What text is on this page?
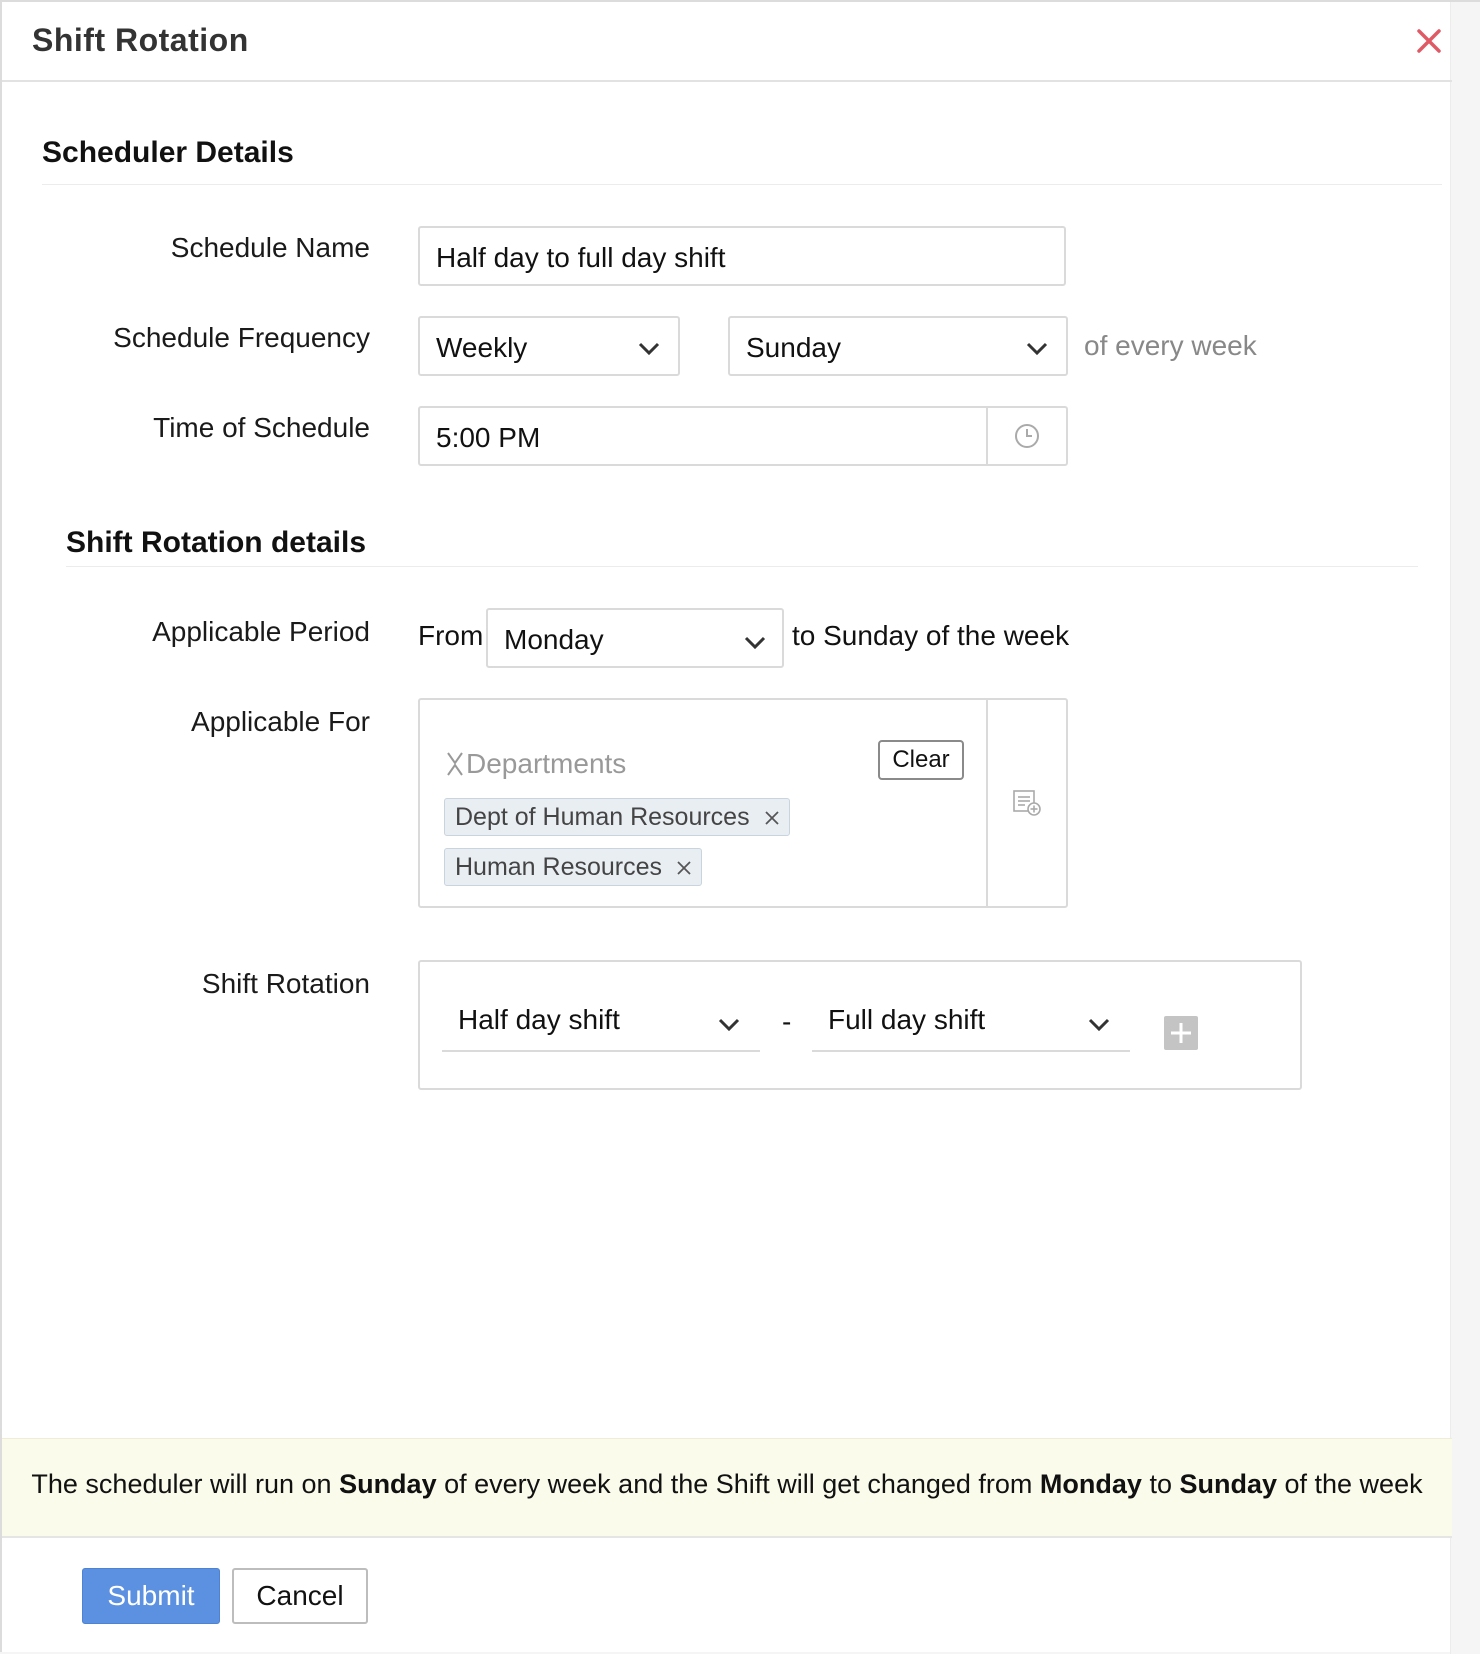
Shift Rotation
Scheduler Details
Schedule Name Half day to full day shift
Schedule Frequency Weekly	Sunday	of every week
Time of Schedule 5:00 PM
Shift Rotation details
Applicable Period From Monday	to Sunday of the week
Applicable For
Departments	Clear
Dept of Human Resources
Human Resources
Shift Rotation
Half day shift	- Full day shift
The scheduler will run on Sunday of every week and the Shift will get changed from Monday to Sunday of the week
Submit	Cancel
